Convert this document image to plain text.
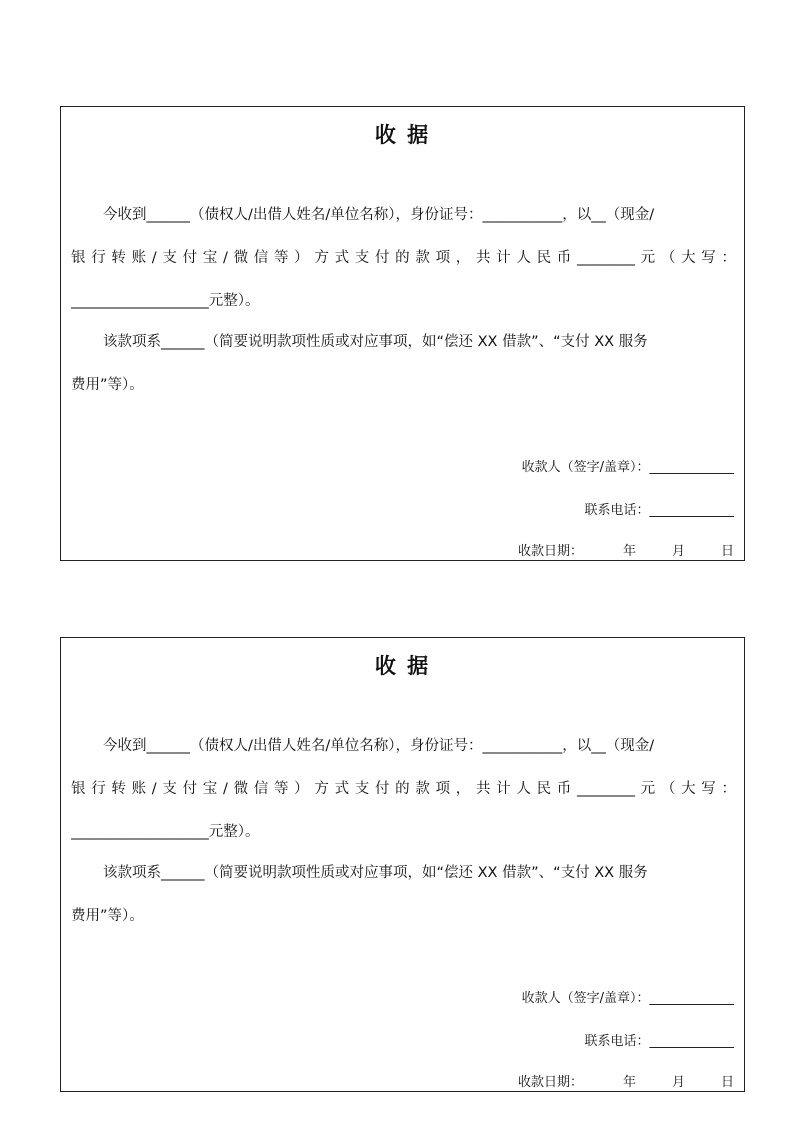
收 据
今收到______（债权人/出借人姓名/单位名称），身份证号：___________，以__（现金/
银行转账/支付宝/微信等）方式支付的款项，共计人民币________元（大写：
___________________元整）。
该款项系______（简要说明款项性质或对应事项，如“偿还 XX 借款”、“支付 XX 服务
费用”等）。
收款人（签字/盖章）：_____________
联系电话：_____________
收款日期：	年	月	日
收 据
今收到______（债权人/出借人姓名/单位名称），身份证号：___________，以__（现金/
银行转账/支付宝/微信等）方式支付的款项，共计人民币________元（大写：
___________________元整）。
该款项系______（简要说明款项性质或对应事项，如“偿还 XX 借款”、“支付 XX 服务
费用”等）。
收款人（签字/盖章）：_____________
联系电话：_____________
收款日期：	年	月	日
